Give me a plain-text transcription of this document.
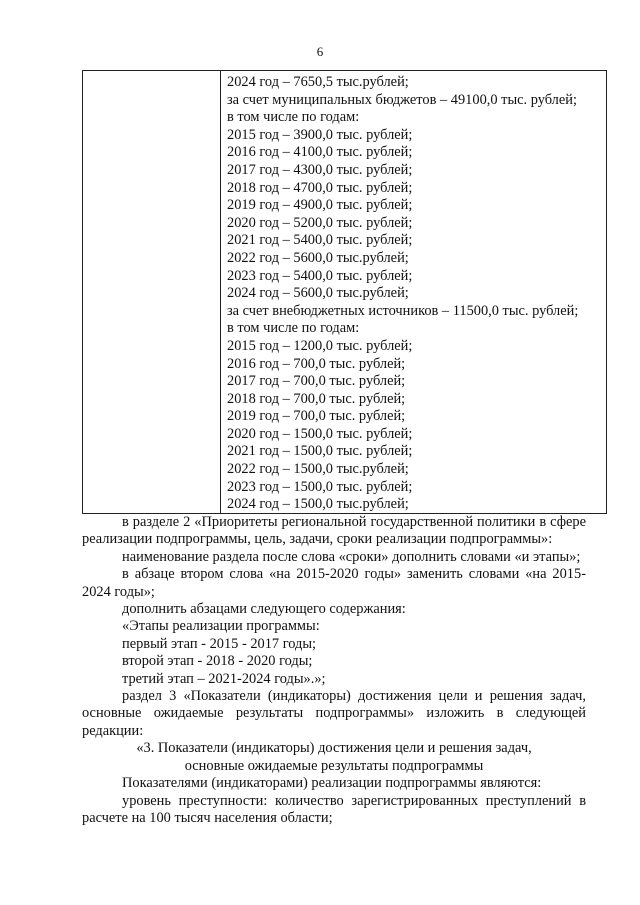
6
2024 год – 7650,5 тыс.рублей;
за счет муниципальных бюджетов – 49100,0 тыс. рублей;
в том числе по годам:
2015 год – 3900,0 тыс. рублей;
2016 год – 4100,0 тыс. рублей;
2017 год – 4300,0 тыс. рублей;
2018 год – 4700,0 тыс. рублей;
2019 год – 4900,0 тыс. рублей;
2020 год – 5200,0 тыс. рублей;
2021 год – 5400,0 тыс. рублей;
2022 год – 5600,0 тыс.рублей;
2023 год – 5400,0 тыс. рублей;
2024 год – 5600,0 тыс.рублей;
за счет внебюджетных источников – 11500,0 тыс. рублей;
в том числе по годам:
2015 год – 1200,0 тыс. рублей;
2016 год – 700,0 тыс. рублей;
2017 год – 700,0 тыс. рублей;
2018 год – 700,0 тыс. рублей;
2019 год – 700,0 тыс. рублей;
2020 год – 1500,0 тыс. рублей;
2021 год – 1500,0 тыс. рублей;
2022 год – 1500,0 тыс.рублей;
2023 год – 1500,0 тыс. рублей;
2024 год – 1500,0 тыс.рублей;
в разделе 2 «Приоритеты региональной государственной политики в сфере реализации подпрограммы, цель, задачи, сроки реализации подпрограммы»:
наименование раздела после слова «сроки» дополнить словами «и этапы»;
в абзаце втором слова «на 2015-2020 годы» заменить словами «на 2015-2024 годы»;
дополнить абзацами следующего содержания:
«Этапы реализации программы:
первый этап - 2015 - 2017 годы;
второй этап - 2018 - 2020 годы;
третий этап – 2021-2024 годы».»;
раздел 3 «Показатели (индикаторы) достижения цели и решения задач, основные ожидаемые результаты подпрограммы» изложить в следующей редакции:
«3. Показатели (индикаторы) достижения цели и решения задач,
основные ожидаемые результаты подпрограммы
Показателями (индикаторами) реализации подпрограммы являются:
уровень преступности: количество зарегистрированных преступлений в расчете на 100 тысяч населения области;
